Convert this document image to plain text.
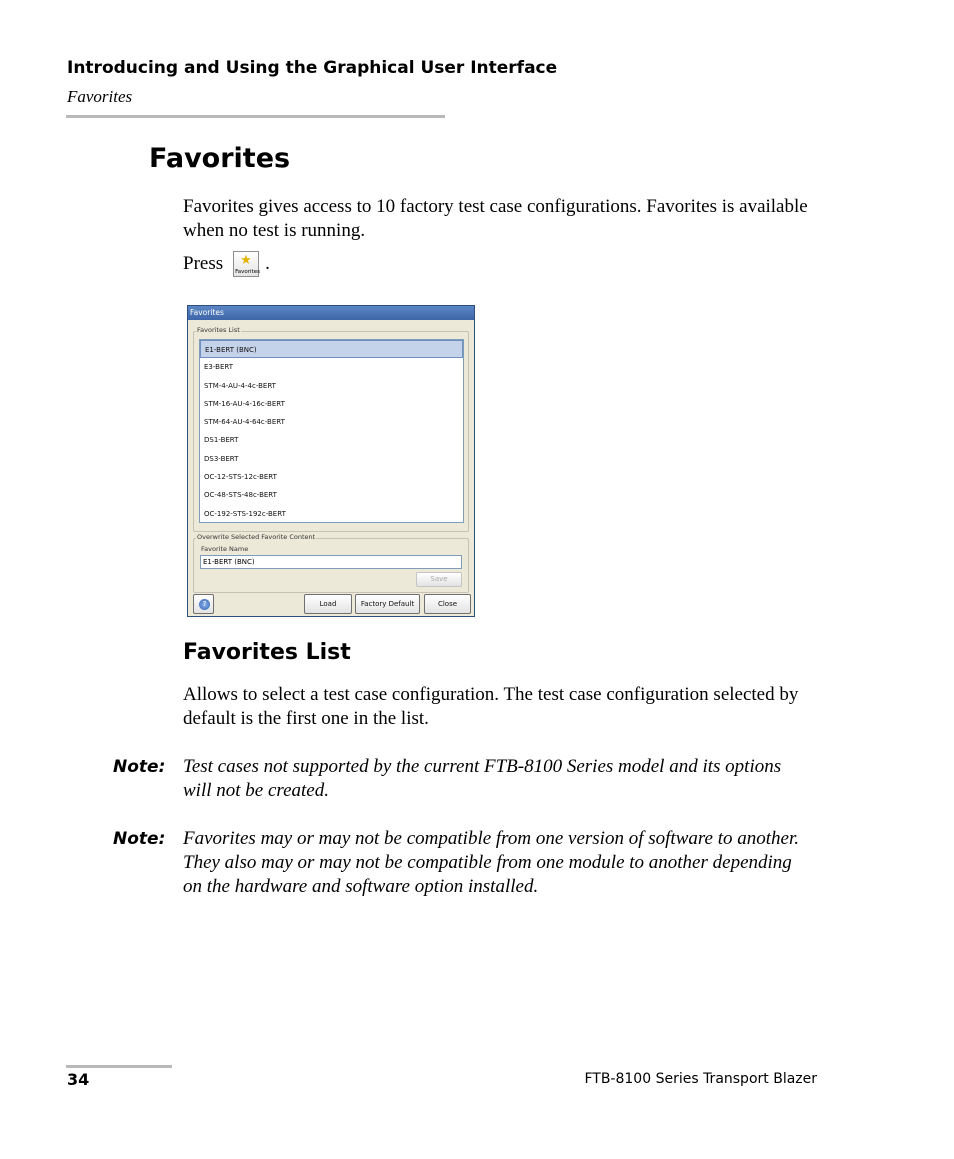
Introducing and Using the Graphical User Interface
Favorites
Favorites

Favorites gives access to 10 factory test case configurations. Favorites is available when no test is running.

Press ★
Favorites .
Favorites
Favorites List
E1-BERT (BNC)
E3-BERT
STM-4-AU-4-4c-BERT
STM-16-AU-4-16c-BERT
STM-64-AU-4-64c-BERT
DS1-BERT
DS3-BERT
OC-12-STS-12c-BERT
OC-48-STS-48c-BERT
OC-192-STS-192c-BERT
Overwrite Selected Favorite Content
Favorite Name
E1-BERT (BNC)
Save
?	Load	Factory Default	Close
Favorites List

Allows to select a test case configuration. The test case configuration selected by default is the first one in the list.

Note: Test cases not supported by the current FTB-8100 Series model and its options will not be created.
Note: Favorites may or may not be compatible from one version of software to another. They also may or may not be compatible from one module to another depending on the hardware and software option installed.
34	FTB-8100 Series Transport Blazer
